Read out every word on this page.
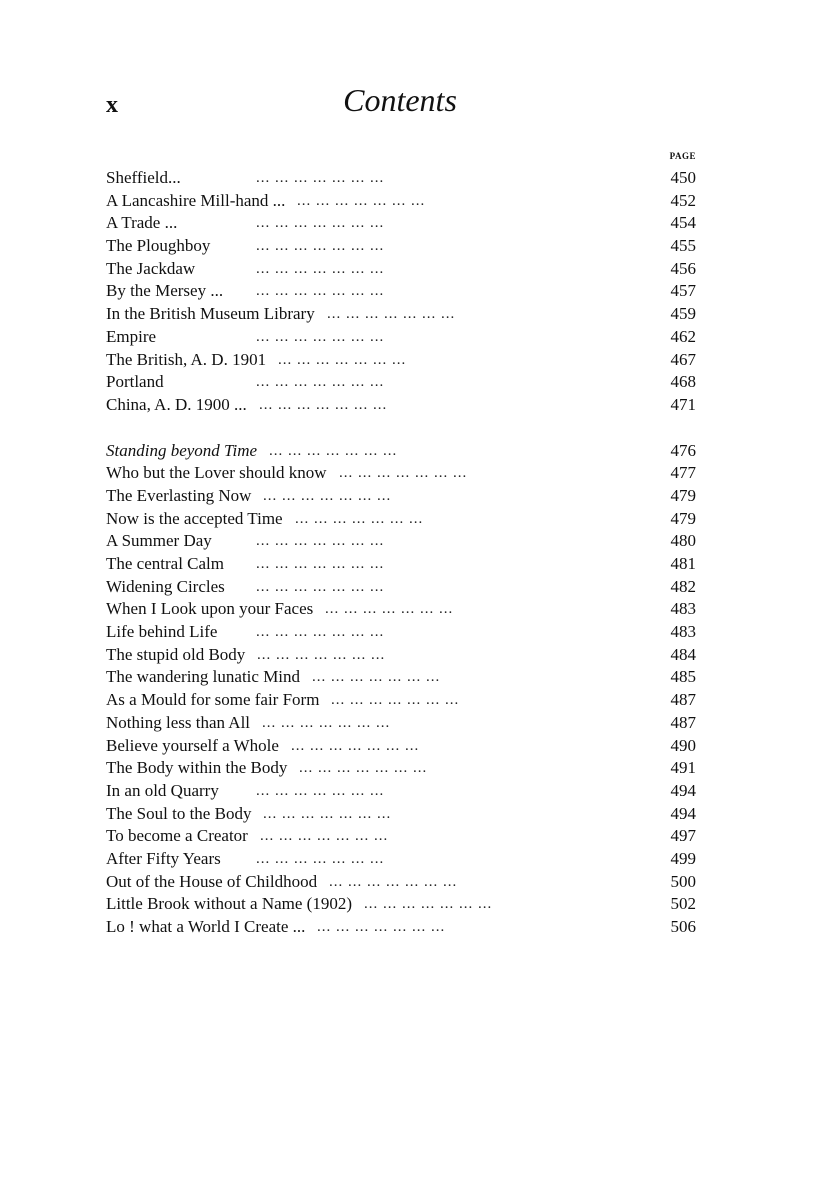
x	Contents
PAGE
Sheffield... ...	450
A Lancashire Mill-hand ... ...	452
A Trade ... ...	454
The Ploughboy ...	455
The Jackdaw ...	456
By the Mersey ... ...	457
In the British Museum Library ...	459
Empire ...	462
The British, A. D. 1901 ...	467
Portland ...	468
China, A. D. 1900 ... ...	471
Standing beyond Time ...	476
Who but the Lover should know ...	477
The Everlasting Now ...	479
Now is the accepted Time ...	479
A Summer Day ...	480
The central Calm ...	481
Widening Circles ...	482
When I Look upon your Faces ...	483
Life behind Life ...	483
The stupid old Body ...	484
The wandering lunatic Mind ...	485
As a Mould for some fair Form ...	487
Nothing less than All ...	487
Believe yourself a Whole ...	490
The Body within the Body ...	491
In an old Quarry ...	494
The Soul to the Body ...	494
To become a Creator ...	497
After Fifty Years ...	499
Out of the House of Childhood ...	500
Little Brook without a Name (1902) ...	502
Lo ! what a World I Create ... ...	506
